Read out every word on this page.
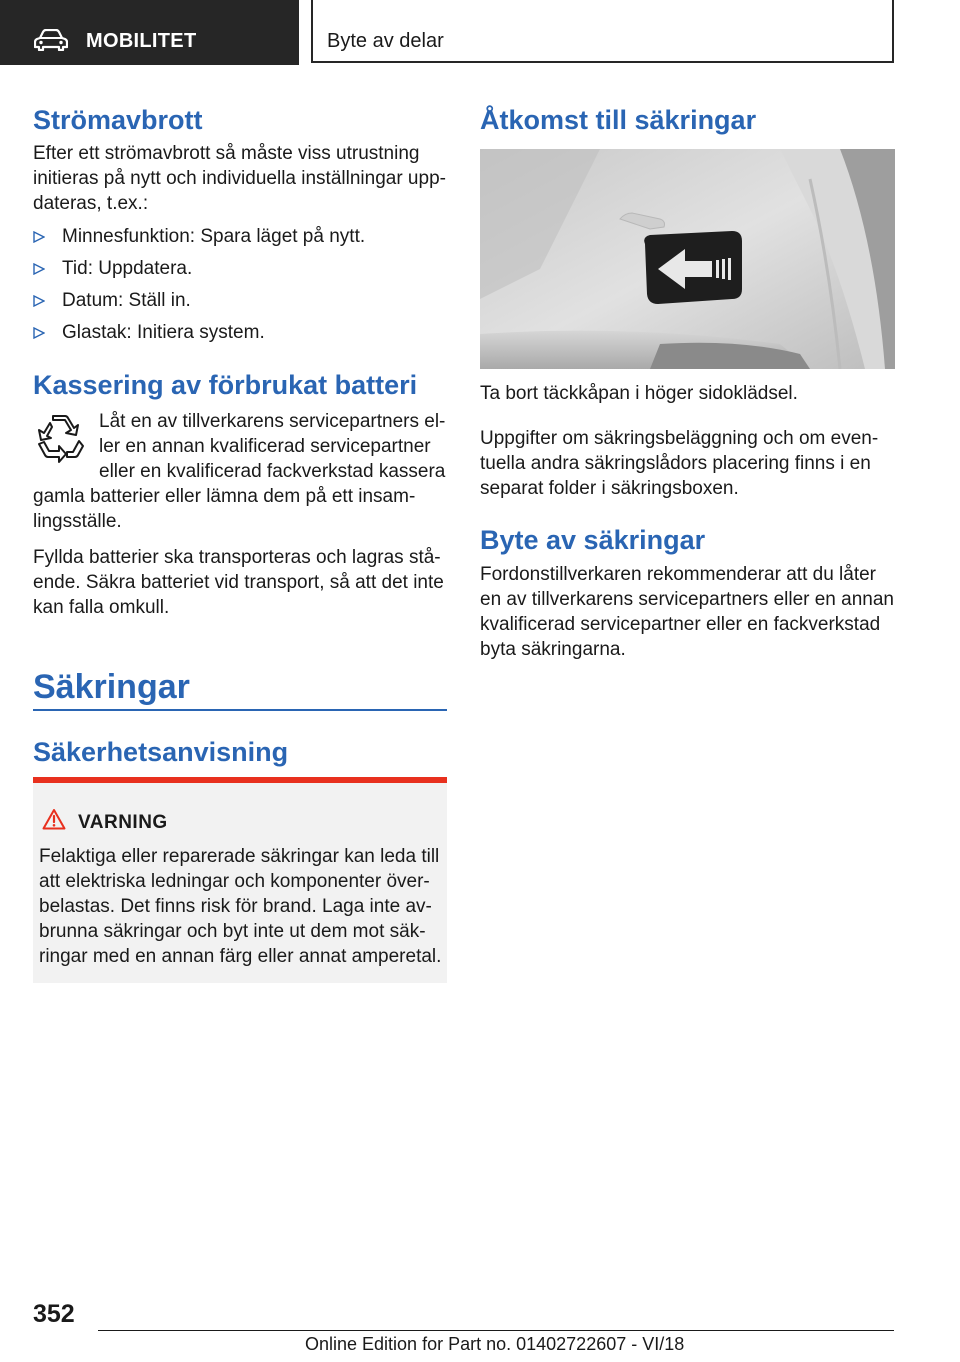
MOBILITET	Byte av delar
Strömavbrott

Efter ett strömavbrott så måste viss utrustning initieras på nytt och individuella inställningar upp-dateras, t.ex.:

Minnesfunktion: Spara läget på nytt.
Tid: Uppdatera.
Datum: Ställ in.
Glastak: Initiera system.
Kassering av förbrukat batteri

Låt en av tillverkarens servicepartners el-ler en annan kvalificerad servicepartner eller en kvalificerad fackverkstad kassera gamla batterier eller lämna dem på ett insam-lingsställe.

Fyllda batterier ska transporteras och lagras stå-ende. Säkra batteriet vid transport, så att det inte kan falla omkull.

Säkringar
Säkerhetsanvisning
VARNING

Felaktiga eller reparerade säkringar kan leda till att elektriska ledningar och komponenter över-belastas. Det finns risk för brand. Laga inte av-brunna säkringar och byt inte ut dem mot säk-ringar med en annan färg eller annat amperetal.

Åtkomst till säkringar

Ta bort täckkåpan i höger sidoklädsel.

Uppgifter om säkringsbeläggning och om even-tuella andra säkringslådors placering finns i en separat folder i säkringsboxen.

Byte av säkringar

Fordonstillverkaren rekommenderar att du låter en av tillverkarens servicepartners eller en annan kvalificerad servicepartner eller en fackverkstad byta säkringarna.

352
Online Edition for Part no. 01402722607 - VI/18
